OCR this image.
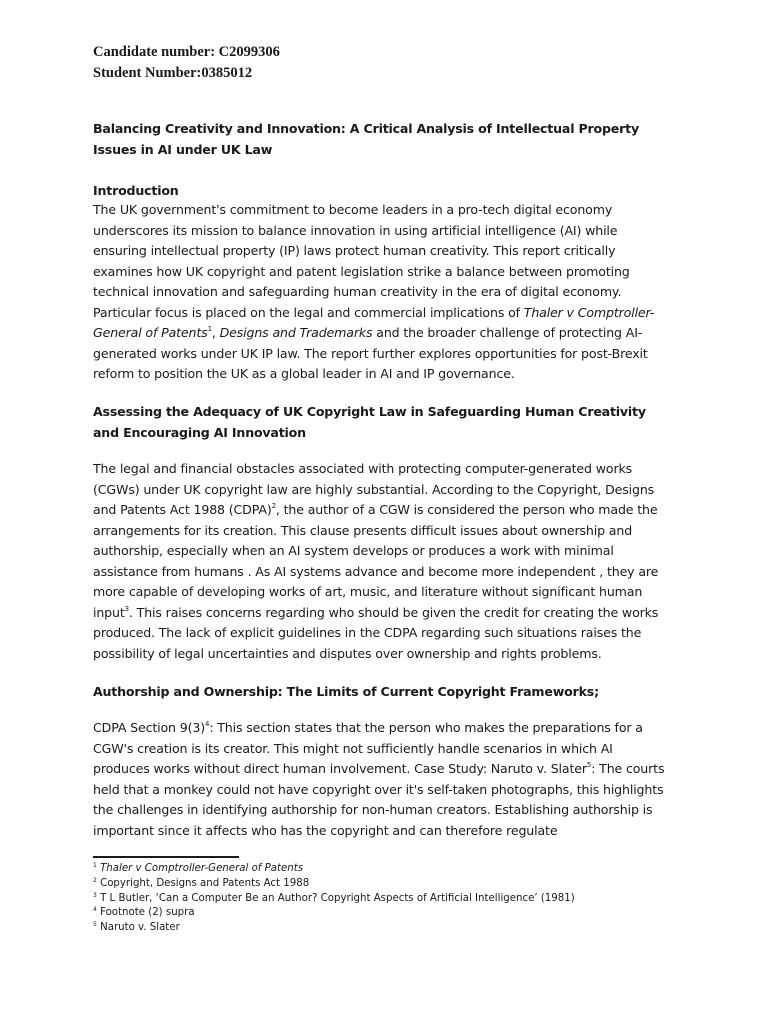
Candidate number: C2099306
Student Number:0385012
Balancing Creativity and Innovation: A Critical Analysis of Intellectual Property Issues in AI under UK Law
Introduction
The UK government's commitment to become leaders in a pro-tech digital economy underscores its mission to balance innovation in using artificial intelligence (AI) while ensuring intellectual property (IP) laws protect human creativity. This report critically examines how UK copyright and patent legislation strike a balance between promoting technical innovation and safeguarding human creativity in the era of digital economy. Particular focus is placed on the legal and commercial implications of Thaler v Comptroller-General of Patents$^1$, Designs and Trademarks and the broader challenge of protecting AI-generated works under UK IP law. The report further explores opportunities for post-Brexit reform to position the UK as a global leader in AI and IP governance.
Assessing the Adequacy of UK Copyright Law in Safeguarding Human Creativity and Encouraging AI Innovation
The legal and financial obstacles associated with protecting computer-generated works (CGWs) under UK copyright law are highly substantial. According to the Copyright, Designs and Patents Act 1988 (CDPA)$^2$, the author of a CGW is considered the person who made the arrangements for its creation. This clause presents difficult issues about ownership and authorship, especially when an AI system develops or produces a work with minimal assistance from humans . As AI systems advance and become more independent , they are more capable of developing works of art, music, and literature without significant human input$^3$. This raises concerns regarding who should be given the credit for creating the works produced. The lack of explicit guidelines in the CDPA regarding such situations raises the possibility of legal uncertainties and disputes over ownership and rights problems.
Authorship and Ownership: The Limits of Current Copyright Frameworks;
CDPA Section $9(3)^4$: This section states that the person who makes the preparations for a CGW's creation is its creator. This might not sufficiently handle scenarios in which AI produces works without direct human involvement. Case Study: Naruto v. Slater$^5$: The courts held that a monkey could not have copyright over it's self-taken photographs, this highlights the challenges in identifying authorship for non-human creators. Establishing authorship is important since it affects who has the copyright and can therefore regulate
$^1$ Thaler v Comptroller-General of Patents
$^2$ Copyright, Designs and Patents Act 1988
$^3$ T L Butler, ‘Can a Computer Be an Author? Copyright Aspects of Artificial Intelligence’ (1981)
$^4$ Footnote (2) supra
$^5$ Naruto v. Slater
